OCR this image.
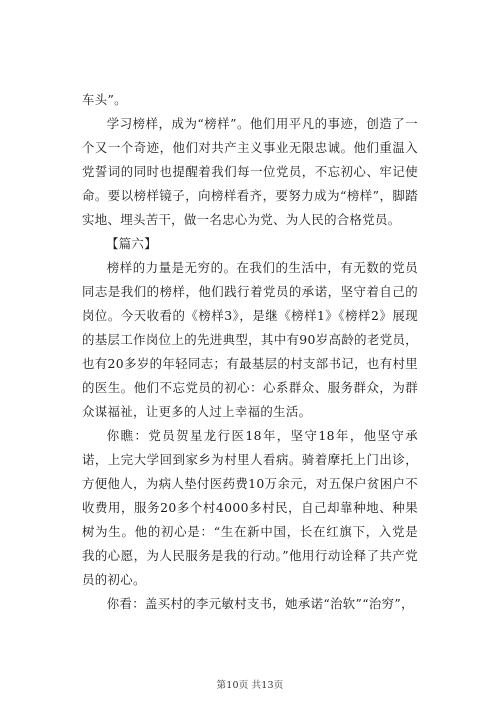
车头”。

学习榜样，成为“榜样”。他们用平凡的事迹，创造了一个又一个奇迹，他们对共产主义事业无限忠诚。他们重温入党誓词的同时也提醒着我们每一位党员，不忘初心、牢记使命。要以榜样镜子，向榜样看齐，要努力成为“榜样”，脚踏实地、埋头苦干，做一名忠心为党、为人民的合格党员。

【篇六】

榜样的力量是无穷的。在我们的生活中，有无数的党员同志是我们的榜样，他们践行着党员的承诺，坚守着自己的岗位。今天收看的《榜样3》，是继《榜样1》《榜样2》展现的基层工作岗位上的先进典型，其中有90岁高龄的老党员，也有20多岁的年轻同志；有最基层的村支部书记，也有村里的医生。他们不忘党员的初心：心系群众、服务群众，为群众谋福祉，让更多的人过上幸福的生活。

你瞧：党员贺星龙行医18年，坚守18年，他坚守承诺，上完大学回到家乡为村里人看病。骑着摩托上门出诊，方便他人，为病人垫付医药费10万余元，对五保户贫困户不收费用，服务20多个村4000多村民，自己却靠种地、种果树为生。他的初心是：“生在新中国，长在红旗下，入党是我的心愿，为人民服务是我的行动。”他用行动诠释了共产党员的初心。

你看：盖买村的李元敏村支书，她承诺“治软”“治穷”，

第10页 共13页
